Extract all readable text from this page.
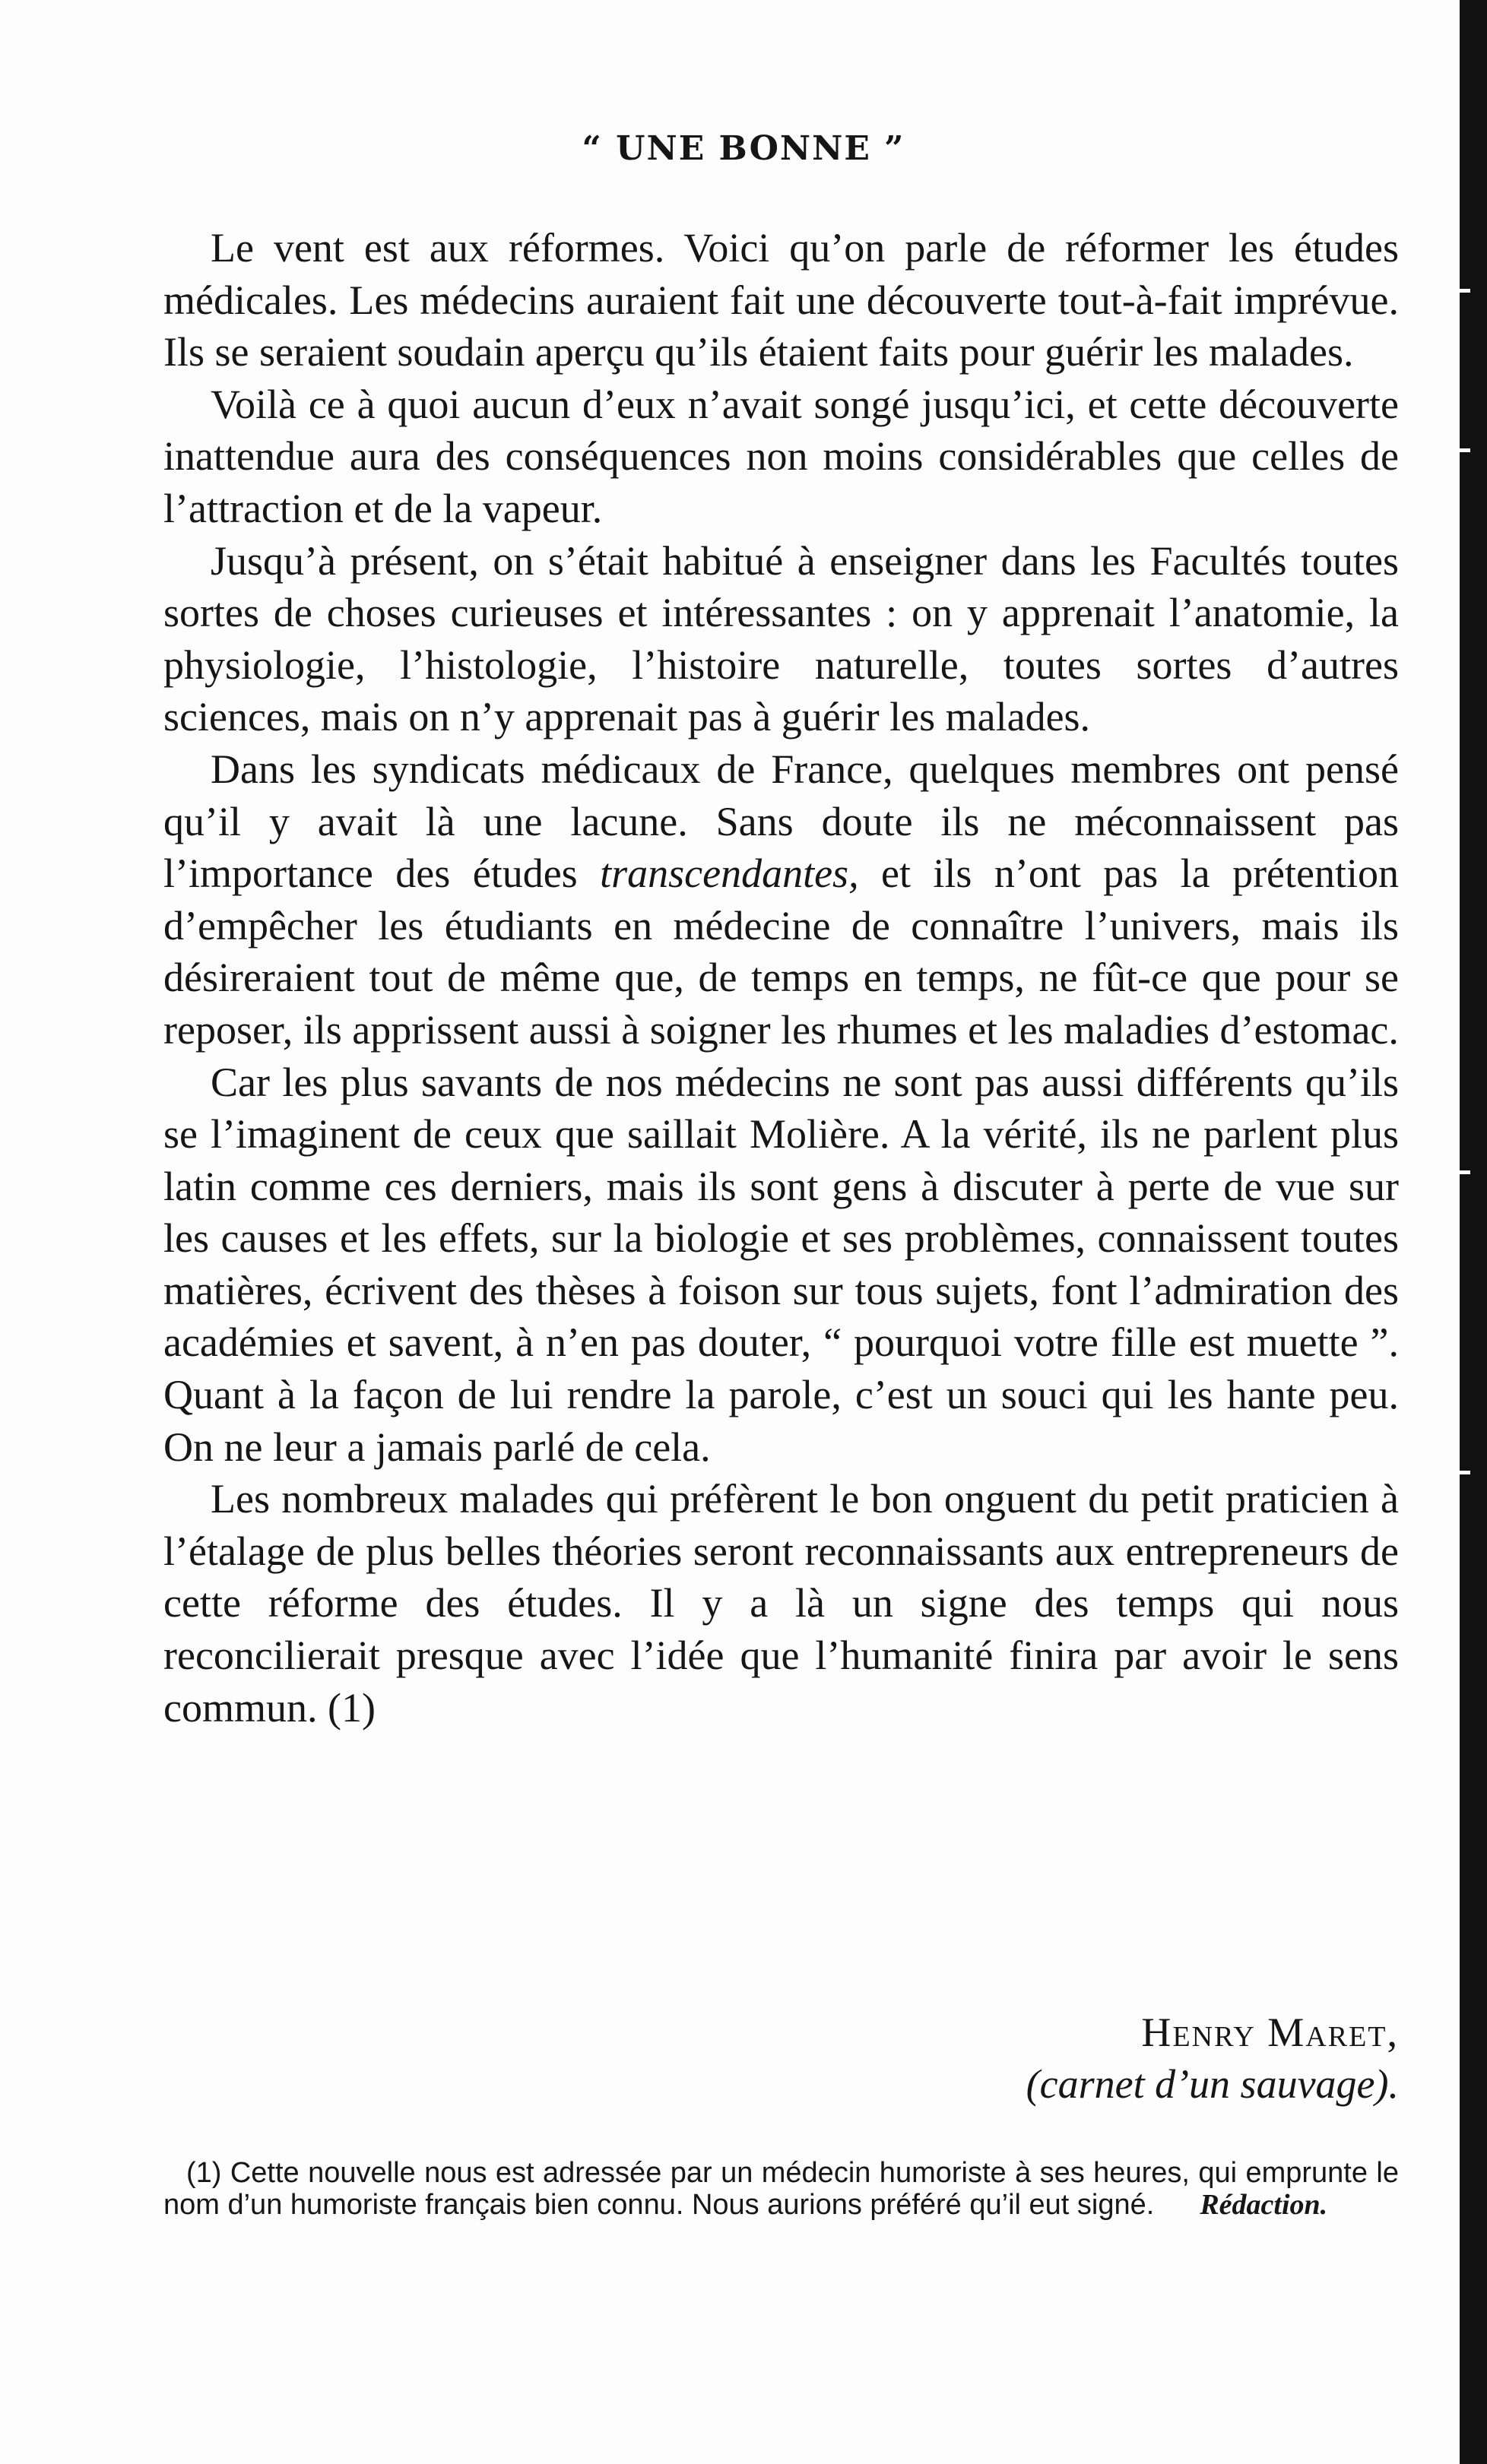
“ UNE BONNE ”

Le vent est aux réformes. Voici qu’on parle de réformer les études médicales. Les médecins auraient fait une découverte tout-à-fait imprévue. Ils se seraient soudain aperçu qu’ils étaient faits pour guérir les malades.

Voilà ce à quoi aucun d’eux n’avait songé jusqu’ici, et cette découverte inattendue aura des conséquences non moins considérables que celles de l’attraction et de la vapeur.

Jusqu’à présent, on s’était habitué à enseigner dans les Facultés toutes sortes de choses curieuses et intéressantes : on y apprenait l’anatomie, la physiologie, l’histologie, l’histoire naturelle, toutes sortes d’autres sciences, mais on n’y apprenait pas à guérir les malades.

Dans les syndicats médicaux de France, quelques membres ont pensé qu’il y avait là une lacune. Sans doute ils ne méconnaissent pas l’importance des études transcendantes, et ils n’ont pas la prétention d’empêcher les étudiants en médecine de connaître l’univers, mais ils désireraient tout de même que, de temps en temps, ne fût-ce que pour se reposer, ils apprissent aussi à soigner les rhumes et les maladies d’estomac.

Car les plus savants de nos médecins ne sont pas aussi différents qu’ils se l’imaginent de ceux que saillait Molière. A la vérité, ils ne parlent plus latin comme ces derniers, mais ils sont gens à discuter à perte de vue sur les causes et les effets, sur la biologie et ses problèmes, connaissent toutes matières, écrivent des thèses à foison sur tous sujets, font l’admiration des académies et savent, à n’en pas douter, “ pourquoi votre fille est muette ”. Quant à la façon de lui rendre la parole, c’est un souci qui les hante peu. On ne leur a jamais parlé de cela.

Les nombreux malades qui préfèrent le bon onguent du petit praticien à l’étalage de plus belles théories seront reconnaissants aux entrepreneurs de cette réforme des études. Il y a là un signe des temps qui nous reconcilierait presque avec l’idée que l’humanité finira par avoir le sens commun. (1)

Henry Maret,
(carnet d’un sauvage).
(1) Cette nouvelle nous est adressée par un médecin humoriste à ses heures, qui emprunte le nom d’un humoriste français bien connu. Nous aurions préféré qu’il eut signé. Rédaction.
